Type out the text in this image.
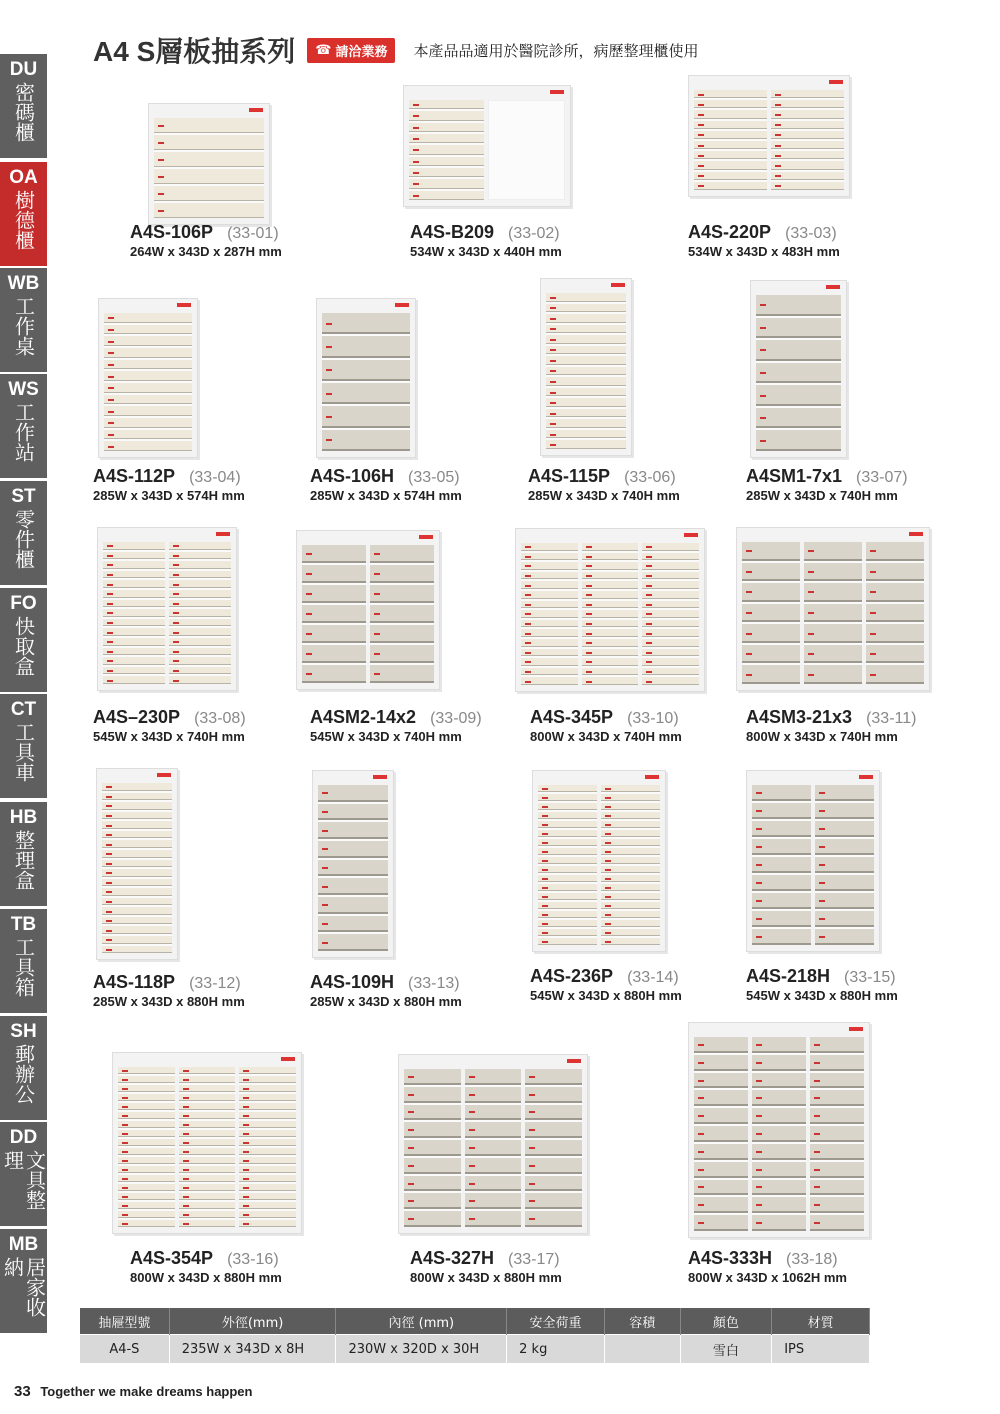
DU
密碼櫃
OA
樹德櫃
WB
工作桌
WS
工作站
ST
零件櫃
FO
快取盒
CT
工具車
HB
整理盒
TB
工具箱
SH
郵辦公
DD
文具整理
MB
居家收納
A4 S層板抽系列 ☎ 請洽業務 本產品品適用於醫院診所，病歷整理櫃使用
A4S-106P (33-01)
264W x 343D x 287H mm
A4S-B209 (33-02)
534W x 343D x 440H mm
A4S-220P (33-03)
534W x 343D x 483H mm
A4S-112P (33-04)
285W x 343D x 574H mm
A4S-106H (33-05)
285W x 343D x 574H mm
A4S-115P (33-06)
285W x 343D x 740H mm
A4SM1-7x1 (33-07)
285W x 343D x 740H mm
A4S–230P (33-08)
545W x 343D x 740H mm
A4SM2-14x2 (33-09)
545W x 343D x 740H mm
A4S-345P (33-10)
800W x 343D x 740H mm
A4SM3-21x3 (33-11)
800W x 343D x 740H mm
A4S-118P (33-12)
285W x 343D x 880H mm
A4S-109H (33-13)
285W x 343D x 880H mm
A4S-236P (33-14)
545W x 343D x 880H mm
A4S-218H (33-15)
545W x 343D x 880H mm
A4S-354P (33-16)
800W x 343D x 880H mm
A4S-327H (33-17)
800W x 343D x 880H mm
A4S-333H (33-18)
800W x 343D x 1062H mm
抽屜型號	外徑(mm)	內徑 (mm)	安全荷重	容積	顏色	材質
A4-S	235W x 343D x 8H	230W x 320D x 30H	2 kg		雪白	IPS
33 Together we make dreams happen
